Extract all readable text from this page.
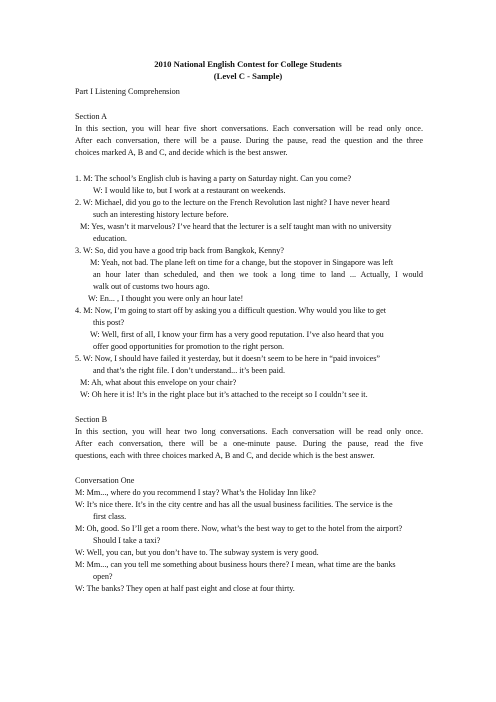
2010 National English Contest for College Students
(Level C - Sample)
Part I Listening Comprehension
Section A
In this section, you will hear five short conversations. Each conversation will be read only once.
After each conversation, there will be a pause. During the pause, read the question and the three
choices marked A, B and C, and decide which is the best answer.
1. M: The school’s English club is having a party on Saturday night. Can you come?
W: I would like to, but I work at a restaurant on weekends.
2. W: Michael, did you go to the lecture on the French Revolution last night? I have never heard
such an interesting history lecture before.
M: Yes, wasn’t it marvelous? I’ve heard that the lecturer is a self taught man with no university
education.
3. W: So, did you have a good trip back from Bangkok, Kenny?
M: Yeah, not bad. The plane left on time for a change, but the stopover in Singapore was left
an hour later than scheduled, and then we took a long time to land ... Actually, I would
walk out of customs two hours ago.
W: En... , I thought you were only an hour late!
4. M: Now, I’m going to start off by asking you a difficult question. Why would you like to get
this post?
W: Well, first of all, I know your firm has a very good reputation. I’ve also heard that you
offer good opportunities for promotion to the right person.
5. W: Now, I should have failed it yesterday, but it doesn’t seem to be here in “paid invoices”
and that’s the right file. I don’t understand... it’s been paid.
M: Ah, what about this envelope on your chair?
W: Oh here it is! It’s in the right place but it’s attached to the receipt so I couldn’t see it.
Section B
In this section, you will hear two long conversations. Each conversation will be read only once.
After each conversation, there will be a one-minute pause. During the pause, read the five
questions, each with three choices marked A, B and C, and decide which is the best answer.
Conversation One
M: Mm..., where do you recommend I stay? What’s the Holiday Inn like?
W: It’s nice there. It’s in the city centre and has all the usual business facilities. The service is the
first class.
M: Oh, good. So I’ll get a room there. Now, what’s the best way to get to the hotel from the airport?
Should I take a taxi?
W: Well, you can, but you don’t have to. The subway system is very good.
M: Mm..., can you tell me something about business hours there? I mean, what time are the banks
open?
W: The banks? They open at half past eight and close at four thirty.
